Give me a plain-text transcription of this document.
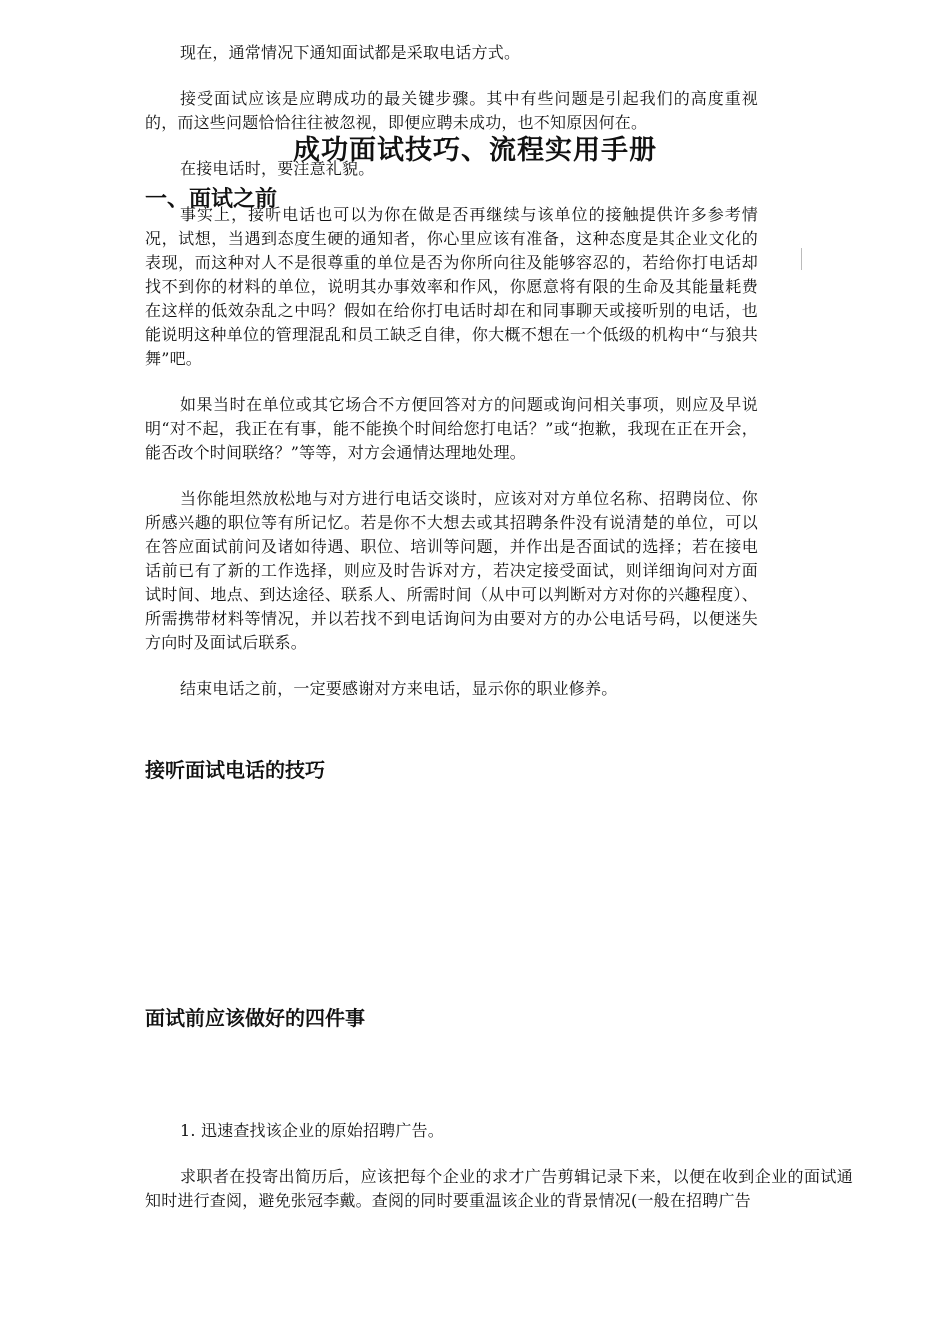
现在，通常情况下通知面试都是采取电话方式。

接受面试应该是应聘成功的最关键步骤。其中有些问题是引起我们的高度重视的，而这些问题恰恰往往被忽视，即便应聘未成功，也不知原因何在。

成功面试技巧、流程实用手册

在接电话时，要注意礼貌。

一、面试之前

事实上，接听电话也可以为你在做是否再继续与该单位的接触提供许多参考情况，试想，当遇到态度生硬的通知者，你心里应该有准备，这种态度是其企业文化的表现，而这种对人不是很尊重的单位是否为你所向往及能够容忍的，若给你打电话却找不到你的材料的单位，说明其办事效率和作风，你愿意将有限的生命及其能量耗费在这样的低效杂乱之中吗？假如在给你打电话时却在和同事聊天或接听别的电话，也能说明这种单位的管理混乱和员工缺乏自律，你大概不想在一个低级的机构中“与狼共舞”吧。

如果当时在单位或其它场合不方便回答对方的问题或询问相关事项，则应及早说明“对不起，我正在有事，能不能换个时间给您打电话？”或“抱歉，我现在正在开会，能否改个时间联络？”等等，对方会通情达理地处理。

当你能坦然放松地与对方进行电话交谈时，应该对对方单位名称、招聘岗位、你所感兴趣的职位等有所记忆。若是你不大想去或其招聘条件没有说清楚的单位，可以在答应面试前问及诸如待遇、职位、培训等问题，并作出是否面试的选择；若在接电话前已有了新的工作选择，则应及时告诉对方，若决定接受面试，则详细询问对方面试时间、地点、到达途径、联系人、所需时间（从中可以判断对方对你的兴趣程度）、所需携带材料等情况，并以若找不到电话询问为由要对方的办公电话号码，以便迷失方向时及面试后联系。

结束电话之前，一定要感谢对方来电话，显示你的职业修养。

接听面试电话的技巧

面试前应该做好的四件事

1. 迅速查找该企业的原始招聘广告。

求职者在投寄出简历后，应该把每个企业的求才广告剪辑记录下来，以便在收到企业的面试通知时进行查阅，避免张冠李戴。查阅的同时要重温该企业的背景情况(一般在招聘广告
